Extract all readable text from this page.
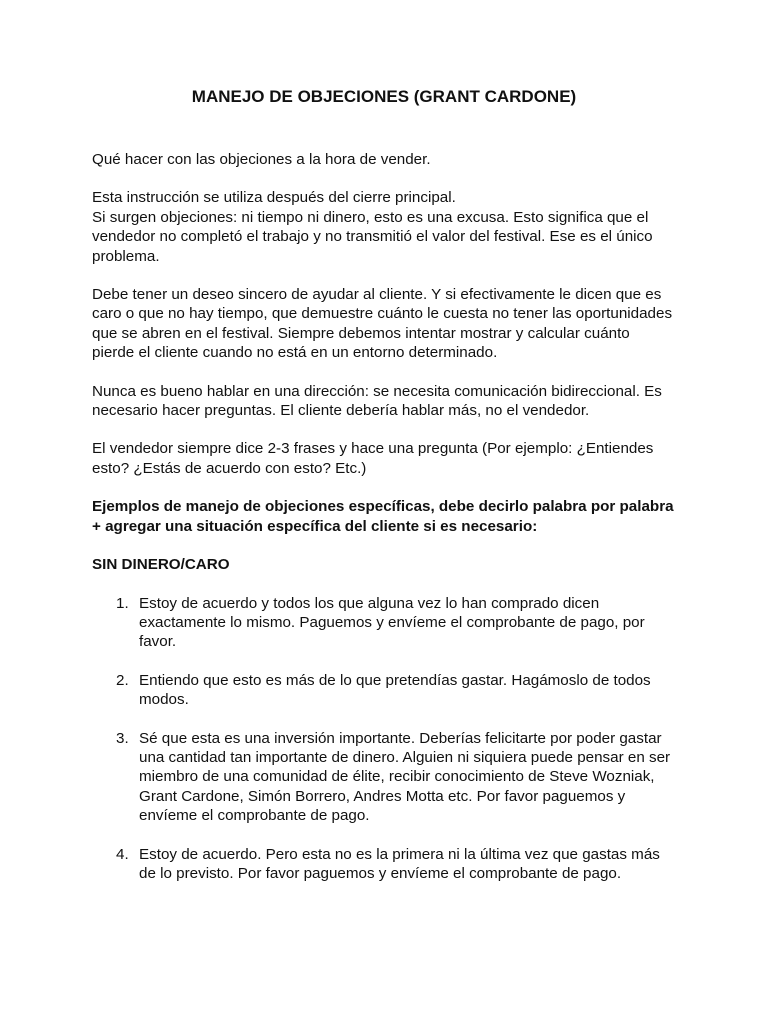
MANEJO DE OBJECIONES (GRANT CARDONE)

Qué hacer con las objeciones a la hora de vender.

Esta instrucción se utiliza después del cierre principal.

Si surgen objeciones: ni tiempo ni dinero, esto es una excusa. Esto significa que el vendedor no completó el trabajo y no transmitió el valor del festival. Ese es el único problema.

Debe tener un deseo sincero de ayudar al cliente. Y si efectivamente le dicen que es caro o que no hay tiempo, que demuestre cuánto le cuesta no tener las oportunidades que se abren en el festival. Siempre debemos intentar mostrar y calcular cuánto pierde el cliente cuando no está en un entorno determinado.

Nunca es bueno hablar en una dirección: se necesita comunicación bidireccional. Es necesario hacer preguntas. El cliente debería hablar más, no el vendedor.

El vendedor siempre dice 2-3 frases y hace una pregunta (Por ejemplo: ¿Entiendes esto? ¿Estás de acuerdo con esto? Etc.)

Ejemplos de manejo de objeciones específicas, debe decirlo palabra por palabra + agregar una situación específica del cliente si es necesario:

SIN DINERO/CARO
1. Estoy de acuerdo y todos los que alguna vez lo han comprado dicen exactamente lo mismo. Paguemos y envíeme el comprobante de pago, por favor.
2. Entiendo que esto es más de lo que pretendías gastar. Hagámoslo de todos modos.
3. Sé que esta es una inversión importante. Deberías felicitarte por poder gastar una cantidad tan importante de dinero. Alguien ni siquiera puede pensar en ser miembro de una comunidad de élite, recibir conocimiento de Steve Wozniak, Grant Cardone, Simón Borrero, Andres Motta etc. Por favor paguemos y envíeme el comprobante de pago.
4. Estoy de acuerdo. Pero esta no es la primera ni la última vez que gastas más de lo previsto. Por favor paguemos y envíeme el comprobante de pago.
